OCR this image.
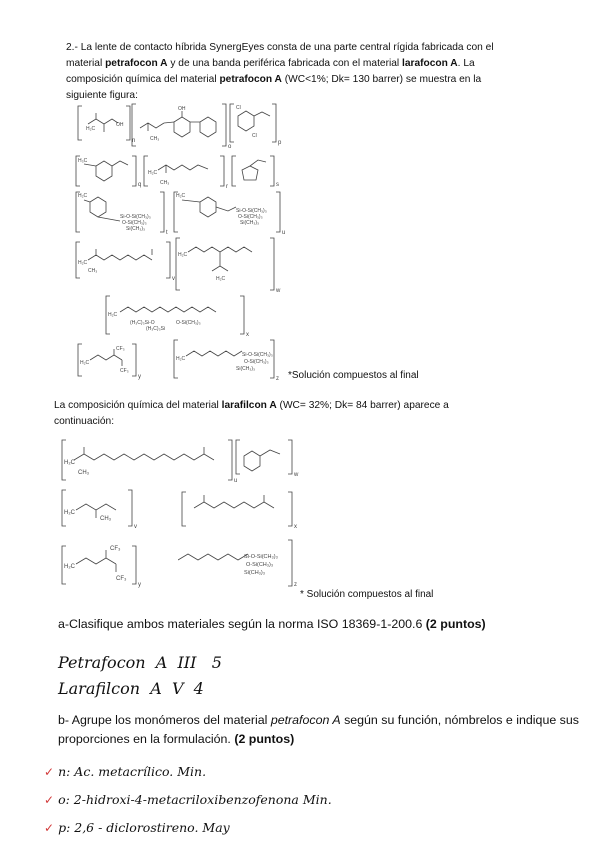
2.- La lente de contacto híbrida SynergEyes consta de una parte central rígida fabricada con el
material petrafocon A y de una banda periférica fabricada con el material larafocon A. La
composición química del material petrafocon A (WC<1%; Dk= 130 barrer) se muestra en la
siguiente figura:
H₂C
OH
n
OH
CH₃
o
Cl
Cl
p
H₃C
q
H₂C
CH₃
r	s
H₂C
Si-O-Si(CH₃)₃
O-Si(CH₃)₃
Si(CH₃)₃
t
H₂C
Si-O-Si(CH₃)₃
O-Si(CH₃)₃
Si(CH₃)₃
u
H₂C
CH₃
v
H₂C
H₂C
w
H₂C
(H₃C)₃Si-O
(H₃C)₃Si
O-Si(CH₃)₃
x
H₂C
CF₃
CF₃
y
H₂C
Si-O-Si(CH₃)₃
O-Si(CH₃)₃
Si(CH₃)₃
z *Solución compuestos al final
La composición química del material larafilcon A (WC= 32%; Dk= 84 barrer) aparece a
continuación:
H₂C
CH₃
u
H₂C
CH₃
v
H₂C
CF₃
CF₃
y
w
x
Si-O-Si(CH₃)₃
O-Si(CH₃)₃
Si(CH₃)₃
z
* Solución compuestos al final
a-Clasifique ambos materiales según la norma ISO 18369-1-200.6 (2 puntos)
Petrafocon  A  III   5
Larafilcon  A  V  4
b- Agrupe los monómeros del material petrafocon A según su función, nómbrelos e indique sus
proporciones en la formulación. (2 puntos)
✓ n: Ac. metacrílico. Min.
✓ o: 2-hidroxi-4-metacriloxibenzofenona Min.
✓ p: 2,6 - diclorostireno. May
